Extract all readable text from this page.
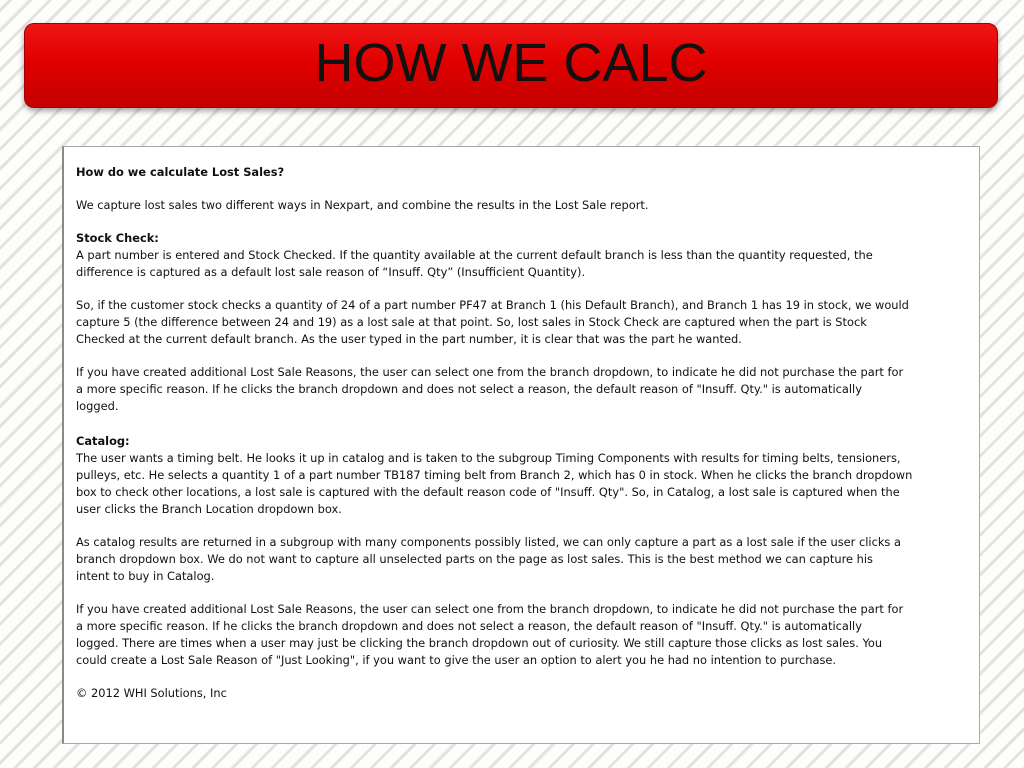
HOW WE CALC

How do we calculate Lost Sales?

We capture lost sales two different ways in Nexpart, and combine the results in the Lost Sale report.

Stock Check:

A part number is entered and Stock Checked. If the quantity available at the current default branch is less than the quantity requested, the
difference is captured as a default lost sale reason of “Insuff. Qty” (Insufficient Quantity).

So, if the customer stock checks a quantity of 24 of a part number PF47 at Branch 1 (his Default Branch), and Branch 1 has 19 in stock, we would
capture 5 (the difference between 24 and 19) as a lost sale at that point. So, lost sales in Stock Check are captured when the part is Stock
Checked at the current default branch. As the user typed in the part number, it is clear that was the part he wanted.

If you have created additional Lost Sale Reasons, the user can select one from the branch dropdown, to indicate he did not purchase the part for
a more specific reason. If he clicks the branch dropdown and does not select a reason, the default reason of "Insuff. Qty." is automatically
logged.

Catalog:

The user wants a timing belt. He looks it up in catalog and is taken to the subgroup Timing Components with results for timing belts, tensioners,
pulleys, etc. He selects a quantity 1 of a part number TB187 timing belt from Branch 2, which has 0 in stock. When he clicks the branch dropdown
box to check other locations, a lost sale is captured with the default reason code of "Insuff. Qty". So, in Catalog, a lost sale is captured when the
user clicks the Branch Location dropdown box.

As catalog results are returned in a subgroup with many components possibly listed, we can only capture a part as a lost sale if the user clicks a
branch dropdown box. We do not want to capture all unselected parts on the page as lost sales. This is the best method we can capture his
intent to buy in Catalog.

If you have created additional Lost Sale Reasons, the user can select one from the branch dropdown, to indicate he did not purchase the part for
a more specific reason. If he clicks the branch dropdown and does not select a reason, the default reason of "Insuff. Qty." is automatically
logged. There are times when a user may just be clicking the branch dropdown out of curiosity. We still capture those clicks as lost sales. You
could create a Lost Sale Reason of "Just Looking", if you want to give the user an option to alert you he had no intention to purchase.

© 2012 WHI Solutions, Inc
